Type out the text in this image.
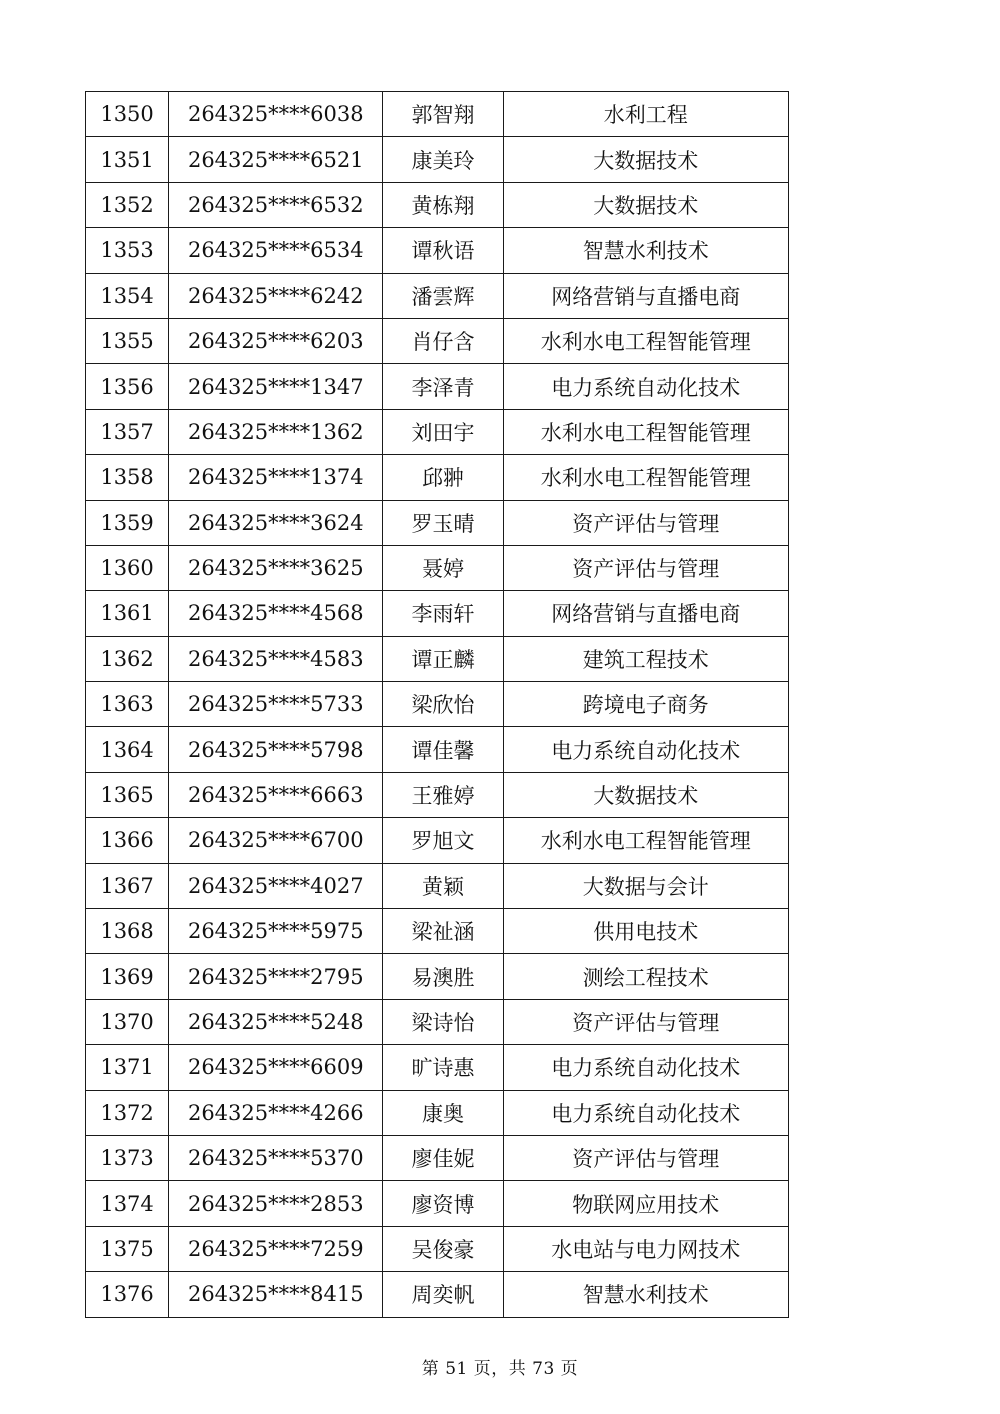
1350	264325****6038	郭智翔	水利工程
1351	264325****6521	康美玲	大数据技术
1352	264325****6532	黄栋翔	大数据技术
1353	264325****6534	谭秋语	智慧水利技术
1354	264325****6242	潘雲辉	网络营销与直播电商
1355	264325****6203	肖仔含	水利水电工程智能管理
1356	264325****1347	李泽青	电力系统自动化技术
1357	264325****1362	刘田宇	水利水电工程智能管理
1358	264325****1374	邱翀	水利水电工程智能管理
1359	264325****3624	罗玉晴	资产评估与管理
1360	264325****3625	聂婷	资产评估与管理
1361	264325****4568	李雨轩	网络营销与直播电商
1362	264325****4583	谭正麟	建筑工程技术
1363	264325****5733	梁欣怡	跨境电子商务
1364	264325****5798	谭佳馨	电力系统自动化技术
1365	264325****6663	王雅婷	大数据技术
1366	264325****6700	罗旭文	水利水电工程智能管理
1367	264325****4027	黄颖	大数据与会计
1368	264325****5975	梁祉涵	供用电技术
1369	264325****2795	易澳胜	测绘工程技术
1370	264325****5248	梁诗怡	资产评估与管理
1371	264325****6609	旷诗惠	电力系统自动化技术
1372	264325****4266	康奥	电力系统自动化技术
1373	264325****5370	廖佳妮	资产评估与管理
1374	264325****2853	廖资博	物联网应用技术
1375	264325****7259	吴俊豪	水电站与电力网技术
1376	264325****8415	周奕帆	智慧水利技术
第 51 页，共 73 页
